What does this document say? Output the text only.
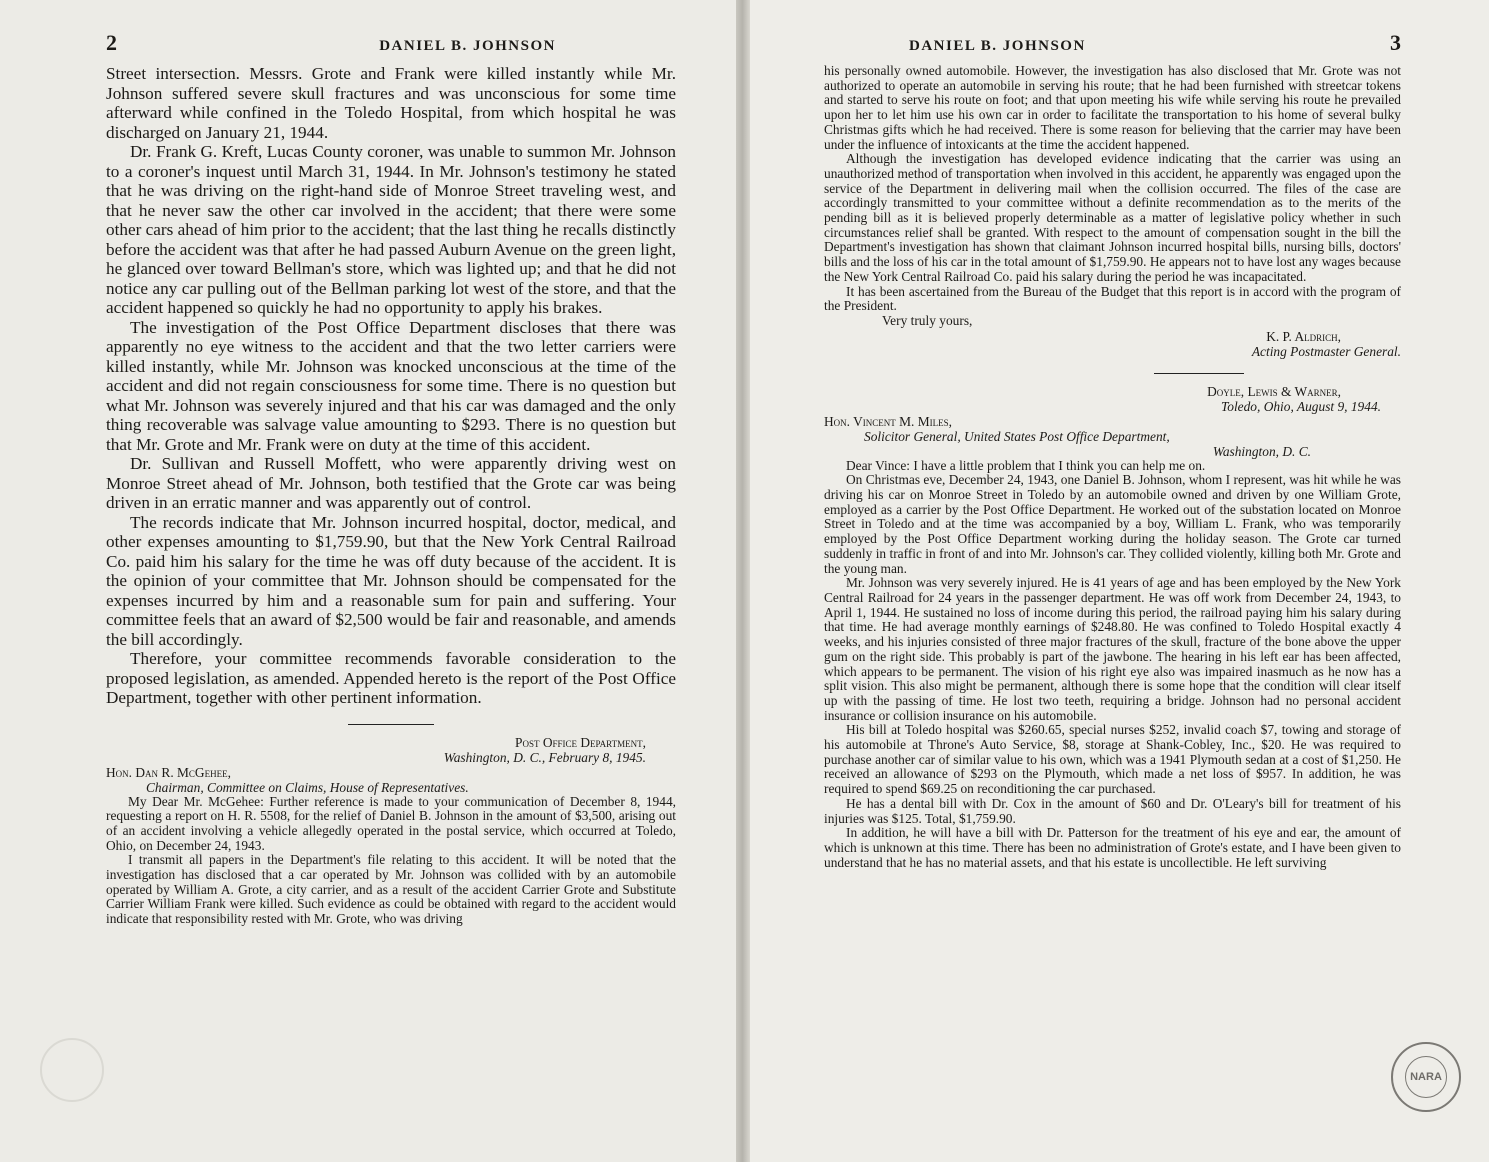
2	DANIEL B. JOHNSON

Street intersection. Messrs. Grote and Frank were killed instantly while Mr. Johnson suffered severe skull fractures and was unconscious for some time afterward while confined in the Toledo Hospital, from which hospital he was discharged on January 21, 1944.

Dr. Frank G. Kreft, Lucas County coroner, was unable to summon Mr. Johnson to a coroner's inquest until March 31, 1944. In Mr. Johnson's testimony he stated that he was driving on the right-hand side of Monroe Street traveling west, and that he never saw the other car involved in the accident; that there were some other cars ahead of him prior to the accident; that the last thing he recalls distinctly before the accident was that after he had passed Auburn Avenue on the green light, he glanced over toward Bellman's store, which was lighted up; and that he did not notice any car pulling out of the Bellman parking lot west of the store, and that the accident happened so quickly he had no opportunity to apply his brakes.

The investigation of the Post Office Department discloses that there was apparently no eye witness to the accident and that the two letter carriers were killed instantly, while Mr. Johnson was knocked unconscious at the time of the accident and did not regain consciousness for some time. There is no question but what Mr. Johnson was severely injured and that his car was damaged and the only thing recoverable was salvage value amounting to $293. There is no question but that Mr. Grote and Mr. Frank were on duty at the time of this accident.

Dr. Sullivan and Russell Moffett, who were apparently driving west on Monroe Street ahead of Mr. Johnson, both testified that the Grote car was being driven in an erratic manner and was apparently out of control.

The records indicate that Mr. Johnson incurred hospital, doctor, medical, and other expenses amounting to $1,759.90, but that the New York Central Railroad Co. paid him his salary for the time he was off duty because of the accident. It is the opinion of your committee that Mr. Johnson should be compensated for the expenses incurred by him and a reasonable sum for pain and suffering. Your committee feels that an award of $2,500 would be fair and reasonable, and amends the bill accordingly.

Therefore, your committee recommends favorable consideration to the proposed legislation, as amended. Appended hereto is the report of the Post Office Department, together with other pertinent information.

Post Office Department,
Washington, D. C., February 8, 1945.
Hon. Dan R. McGehee,
Chairman, Committee on Claims, House of Representatives.

My Dear Mr. McGehee: Further reference is made to your communication of December 8, 1944, requesting a report on H. R. 5508, for the relief of Daniel B. Johnson in the amount of $3,500, arising out of an accident involving a vehicle allegedly operated in the postal service, which occurred at Toledo, Ohio, on December 24, 1943.

I transmit all papers in the Department's file relating to this accident. It will be noted that the investigation has disclosed that a car operated by Mr. Johnson was collided with by an automobile operated by William A. Grote, a city carrier, and as a result of the accident Carrier Grote and Substitute Carrier William Frank were killed. Such evidence as could be obtained with regard to the accident would indicate that responsibility rested with Mr. Grote, who was driving

DANIEL B. JOHNSON	3

his personally owned automobile. However, the investigation has also disclosed that Mr. Grote was not authorized to operate an automobile in serving his route; that he had been furnished with streetcar tokens and started to serve his route on foot; and that upon meeting his wife while serving his route he prevailed upon her to let him use his own car in order to facilitate the transportation to his home of several bulky Christmas gifts which he had received. There is some reason for believing that the carrier may have been under the influence of intoxicants at the time the accident happened.

Although the investigation has developed evidence indicating that the carrier was using an unauthorized method of transportation when involved in this accident, he apparently was engaged upon the service of the Department in delivering mail when the collision occurred. The files of the case are accordingly transmitted to your committee without a definite recommendation as to the merits of the pending bill as it is believed properly determinable as a matter of legislative policy whether in such circumstances relief shall be granted. With respect to the amount of compensation sought in the bill the Department's investigation has shown that claimant Johnson incurred hospital bills, nursing bills, doctors' bills and the loss of his car in the total amount of $1,759.90. He appears not to have lost any wages because the New York Central Railroad Co. paid his salary during the period he was incapacitated.

It has been ascertained from the Bureau of the Budget that this report is in accord with the program of the President.

Very truly yours,

K. P. Aldrich,
Acting Postmaster General.
Doyle, Lewis & Warner,
Toledo, Ohio, August 9, 1944.
Hon. Vincent M. Miles,
Solicitor General, United States Post Office Department,
Washington, D. C.

Dear Vince: I have a little problem that I think you can help me on.

On Christmas eve, December 24, 1943, one Daniel B. Johnson, whom I represent, was hit while he was driving his car on Monroe Street in Toledo by an automobile owned and driven by one William Grote, employed as a carrier by the Post Office Department. He worked out of the substation located on Monroe Street in Toledo and at the time was accompanied by a boy, William L. Frank, who was temporarily employed by the Post Office Department working during the holiday season. The Grote car turned suddenly in traffic in front of and into Mr. Johnson's car. They collided violently, killing both Mr. Grote and the young man.

Mr. Johnson was very severely injured. He is 41 years of age and has been employed by the New York Central Railroad for 24 years in the passenger department. He was off work from December 24, 1943, to April 1, 1944. He sustained no loss of income during this period, the railroad paying him his salary during that time. He had average monthly earnings of $248.80. He was confined to Toledo Hospital exactly 4 weeks, and his injuries consisted of three major fractures of the skull, fracture of the bone above the upper gum on the right side. This probably is part of the jawbone. The hearing in his left ear has been affected, which appears to be permanent. The vision of his right eye also was impaired inasmuch as he now has a split vision. This also might be permanent, although there is some hope that the condition will clear itself up with the passing of time. He lost two teeth, requiring a bridge. Johnson had no personal accident insurance or collision insurance on his automobile.

His bill at Toledo hospital was $260.65, special nurses $252, invalid coach $7, towing and storage of his automobile at Throne's Auto Service, $8, storage at Shank-Cobley, Inc., $20. He was required to purchase another car of similar value to his own, which was a 1941 Plymouth sedan at a cost of $1,250. He received an allowance of $293 on the Plymouth, which made a net loss of $957. In addition, he was required to spend $69.25 on reconditioning the car purchased.

He has a dental bill with Dr. Cox in the amount of $60 and Dr. O'Leary's bill for treatment of his injuries was $125. Total, $1,759.90.

In addition, he will have a bill with Dr. Patterson for the treatment of his eye and ear, the amount of which is unknown at this time. There has been no administration of Grote's estate, and I have been given to understand that he has no material assets, and that his estate is uncollectible. He left surviving

NARA
